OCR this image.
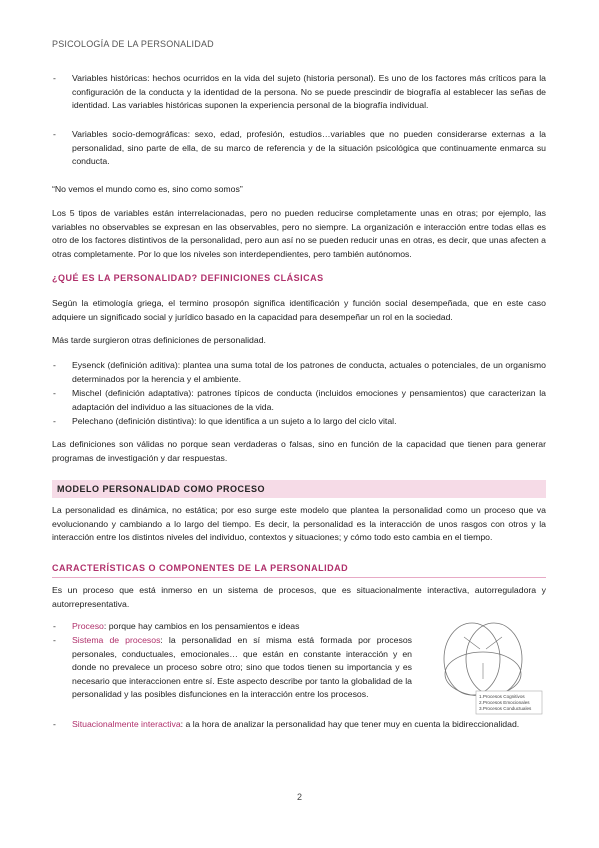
PSICOLOGÍA DE LA PERSONALIDAD

- Variables históricas: hechos ocurridos en la vida del sujeto (historia personal). Es uno de los factores más críticos para la configuración de la conducta y la identidad de la persona. No se puede prescindir de biografía al establecer las señas de identidad. Las variables históricas suponen la experiencia personal de la biografía individual.

- Variables socio-demográficas: sexo, edad, profesión, estudios…variables que no pueden considerarse externas a la personalidad, sino parte de ella, de su marco de referencia y de la situación psicológica que continuamente enmarca su conducta.

“No vemos el mundo como es, sino como somos”

Los 5 tipos de variables están interrelacionadas, pero no pueden reducirse completamente unas en otras; por ejemplo, las variables no observables se expresan en las observables, pero no siempre. La organización e interacción entre todas ellas es otro de los factores distintivos de la personalidad, pero aun así no se pueden reducir unas en otras, es decir, que unas afecten a otras completamente. Por lo que los niveles son interdependientes, pero también autónomos.

¿QUÉ ES LA PERSONALIDAD? DEFINICIONES CLÁSICAS

Según la etimología griega, el termino prosopón significa identificación y función social desempeñada, que en este caso adquiere un significado social y jurídico basado en la capacidad para desempeñar un rol en la sociedad.

Más tarde surgieron otras definiciones de personalidad.

- Eysenck (definición aditiva): plantea una suma total de los patrones de conducta, actuales o potenciales, de un organismo determinados por la herencia y el ambiente.

- Mischel (definición adaptativa): patrones típicos de conducta (incluidos emociones y pensamientos) que caracterizan la adaptación del individuo a las situaciones de la vida.

- Pelechano (definición distintiva): lo que identifica a un sujeto a lo largo del ciclo vital.

Las definiciones son válidas no porque sean verdaderas o falsas, sino en función de la capacidad que tienen para generar programas de investigación y dar respuestas.

MODELO PERSONALIDAD COMO PROCESO

La personalidad es dinámica, no estática; por eso surge este modelo que plantea la personalidad como un proceso que va evolucionando y cambiando a lo largo del tiempo. Es decir, la personalidad es la interacción de unos rasgos con otros y la interacción entre los distintos niveles del individuo, contextos y situaciones; y cómo todo esto cambia en el tiempo.

CARACTERÍSTICAS O COMPONENTES DE LA PERSONALIDAD

Es un proceso que está inmerso en un sistema de procesos, que es situacionalmente interactiva, autorreguladora y autorrepresentativa.

- Proceso: porque hay cambios en los pensamientos e ideas

- Sistema de procesos: la personalidad en sí misma está formada por procesos personales, conductuales, emocionales… que están en constante interacción y en donde no prevalece un proceso sobre otro; sino que todos tienen su importancia y es necesario que interaccionen entre sí. Este aspecto describe por tanto la globalidad de la personalidad y las posibles disfunciones en la interacción entre los procesos.

- Situacionalmente interactiva: a la hora de analizar la personalidad hay que tener muy en cuenta la bidireccionalidad.

1.Procesos Cognitivos
2.Procesos Emocionales
3.Procesos Conductuales
2
